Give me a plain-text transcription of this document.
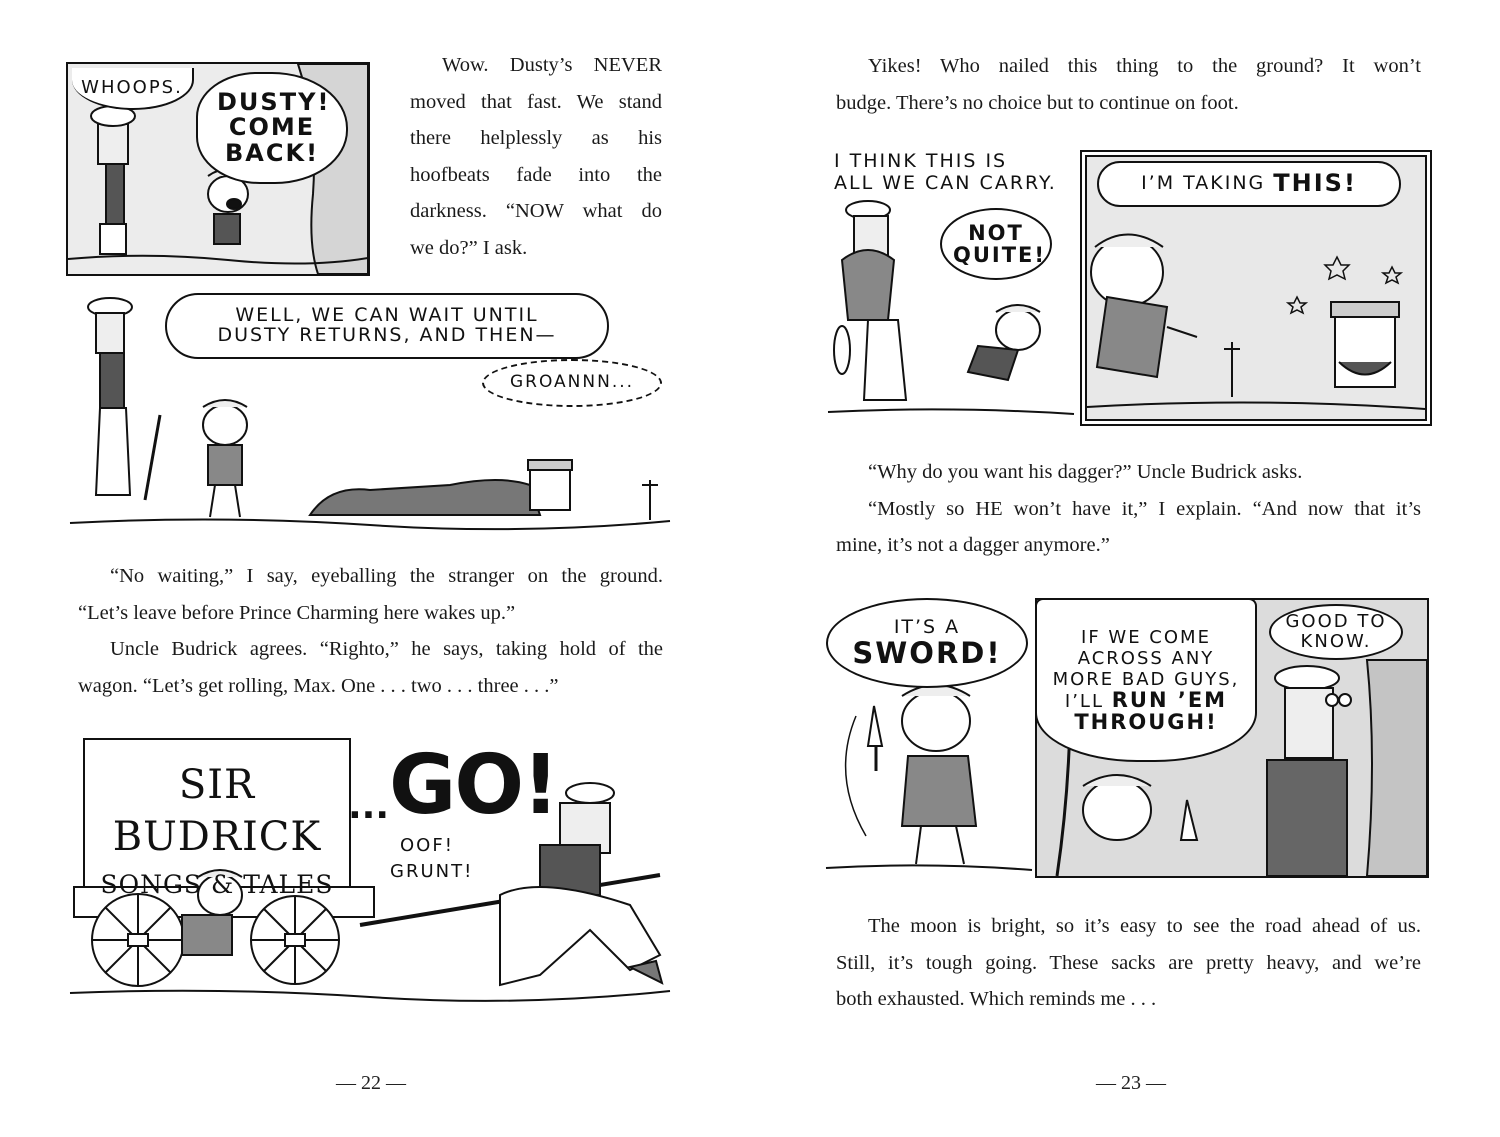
WHOOPS.
DUSTY! COME BACK!
Wow. Dusty’s NEVER
moved that fast. We stand
there helplessly as his
hoofbeats fade into the
darkness. “NOW what do
we do?” I ask.
WELL, WE CAN WAIT UNTIL
DUSTY RETURNS, AND THEN—
GROANNN...
“No waiting,” I say, eyeballing the stranger on the ground.
“Let’s leave before Prince Charming here wakes up.”
Uncle Budrick agrees. “Righto,” he says, taking hold of the
wagon. “Let’s get rolling, Max. One . . . two . . . three . . .”
SIR BUDRICK
SONGS & TALES
... GO!
OOF!
GRUNT!
— 22 —
Yikes! Who nailed this thing to the ground? It won’t
budge. There’s no choice but to continue on foot.
I THINK THIS IS
ALL WE CAN CARRY.
NOT QUITE!
I’M TAKING THIS!
“Why do you want his dagger?” Uncle Budrick asks.
“Mostly so HE won’t have it,” I explain. “And now that it’s
mine, it’s not a dagger anymore.”
IT’S A
SWORD!	IF WE COME
ACROSS ANY
MORE BAD GUYS,
I’LL RUN ’EM
THROUGH!
GOOD TO KNOW.
The moon is bright, so it’s easy to see the road ahead of us.
Still, it’s tough going. These sacks are pretty heavy, and we’re
both exhausted. Which reminds me . . .
— 23 —
